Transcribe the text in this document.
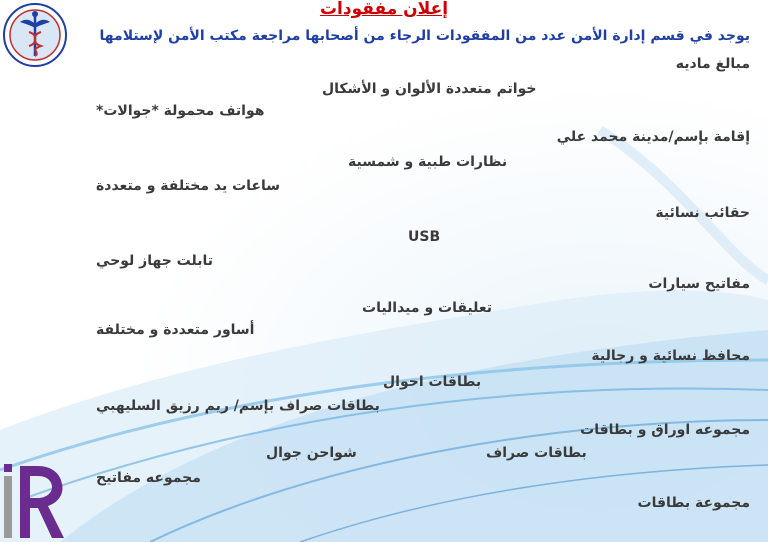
إعلان مفقودات
يوجد في قسم إدارة الأمن عدد من المفقودات الرجاء من أصحابها مراجعة مكتب الأمن لإستلامها
مبالغ ماديه
خواتم متعددة الألوان و الأشكال
هواتف محمولة *جوالات*
إقامة بإسم/مدينة محمد علي
نظارات طبية و شمسية
ساعات يد مختلفة و متعددة
حقائب نسائية
USB
تابلت جهاز لوحي
مفاتيح سيارات
تعليقات و ميداليات
أساور متعددة و مختلفة
محافظ نسائية و رجالية
بطاقات احوال
بطاقات صراف بإسم/ ريم رزيق السليهبي
مجموعه اوراق و بطاقات
شواحن جوال	بطاقات صراف
مجموعه مفاتيح
مجموعة بطاقات
